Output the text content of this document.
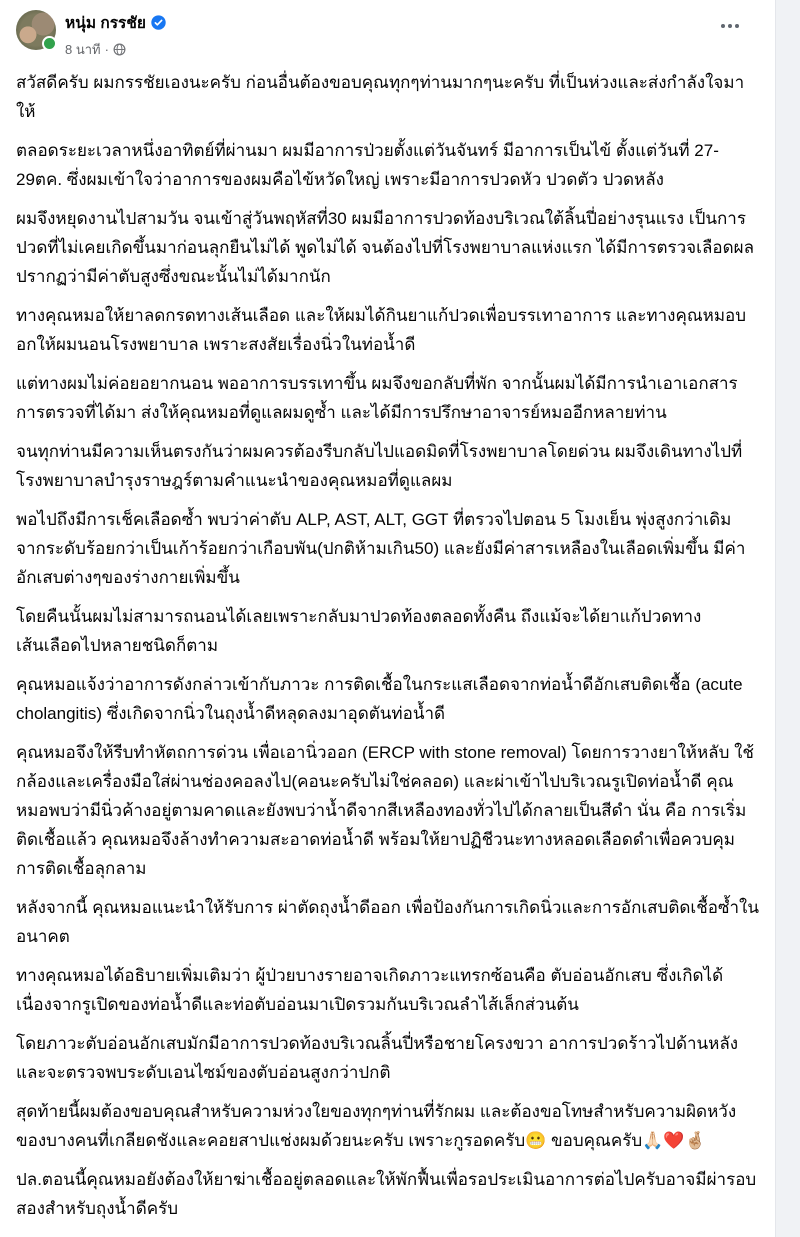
หนุ่ม กรรชัย
8 นาที ·

สวัสดีครับ ผมกรรชัยเองนะครับ ก่อนอื่นต้องขอบคุณทุกๆท่านมากๆนะครับ ที่เป็นห่วงและส่งกำลังใจมาให้

ตลอดระยะเวลาหนึ่งอาทิตย์ที่ผ่านมา ผมมีอาการป่วยตั้งแต่วันจันทร์ มีอาการเป็นไข้ ตั้งแต่วันที่ 27-29ตค. ซึ่งผมเข้าใจว่าอาการของผมคือไข้หวัดใหญ่ เพราะมีอาการปวดหัว ปวดตัว ปวดหลัง

ผมจึงหยุดงานไปสามวัน จนเข้าสู่วันพฤหัสที่30 ผมมีอาการปวดท้องบริเวณใต้ลิ้นปี่อย่างรุนแรง เป็นการปวดที่ไม่เคยเกิดขึ้นมาก่อนลุกยืนไม่ได้ พูดไม่ได้ จนต้องไปที่โรงพยาบาลแห่งแรก ได้มีการตรวจเลือดผลปรากฏว่ามีค่าตับสูงซึ่งขณะนั้นไม่ได้มากนัก

ทางคุณหมอให้ยาลดกรดทางเส้นเลือด และให้ผมได้กินยาแก้ปวดเพื่อบรรเทาอาการ และทางคุณหมอบอกให้ผมนอนโรงพยาบาล เพราะสงสัยเรื่องนิ่วในท่อน้ำดี

แต่ทางผมไม่ค่อยอยากนอน พออาการบรรเทาขึ้น ผมจึงขอกลับที่พัก จากนั้นผมได้มีการนำเอาเอกสารการตรวจที่ได้มา ส่งให้คุณหมอที่ดูแลผมดูซ้ำ และได้มีการปรึกษาอาจารย์หมออีกหลายท่าน

จนทุกท่านมีความเห็นตรงกันว่าผมควรต้องรีบกลับไปแอดมิดที่โรงพยาบาลโดยด่วน ผมจึงเดินทางไปที่โรงพยาบาลบำรุงราษฎร์ตามคำแนะนำของคุณหมอที่ดูแลผม

พอไปถึงมีการเช็คเลือดซ้ำ พบว่าค่าตับ ALP, AST, ALT, GGT ที่ตรวจไปตอน 5 โมงเย็น พุ่งสูงกว่าเดิมจากระดับร้อยกว่าเป็นเก้าร้อยกว่าเกือบพัน(ปกติห้ามเกิน50) และยังมีค่าสารเหลืองในเลือดเพิ่มขึ้น มีค่าอักเสบต่างๆของร่างกายเพิ่มขึ้น

โดยคืนนั้นผมไม่สามารถนอนได้เลยเพราะกลับมาปวดท้องตลอดทั้งคืน ถึงแม้จะได้ยาแก้ปวดทางเส้นเลือดไปหลายชนิดก็ตาม

คุณหมอแจ้งว่าอาการดังกล่าวเข้ากับภาวะ การติดเชื้อในกระแสเลือดจากท่อน้ำดีอักเสบติดเชื้อ (acute cholangitis) ซึ่งเกิดจากนิ่วในถุงน้ำดีหลุดลงมาอุดตันท่อน้ำดี

คุณหมอจึงให้รีบทำหัตถการด่วน เพื่อเอานิ่วออก (ERCP with stone removal) โดยการวางยาให้หลับ ใช้กล้องและเครื่องมือใส่ผ่านช่องคอลงไป(คอนะครับไม่ใช่คลอด) และผ่าเข้าไปบริเวณรูเปิดท่อน้ำดี คุณหมอพบว่ามีนิ่วค้างอยู่ตามคาดและยังพบว่าน้ำดีจากสีเหลืองทองทั่วไปได้กลายเป็นสีดำ นั่น คือ การเริ่มติดเชื้อแล้ว คุณหมอจึงล้างทำความสะอาดท่อน้ำดี พร้อมให้ยาปฏิชีวนะทางหลอดเลือดดำเพื่อควบคุมการติดเชื้อลุกลาม

หลังจากนี้ คุณหมอแนะนำให้รับการ ผ่าตัดถุงน้ำดีออก เพื่อป้องกันการเกิดนิ่วและการอักเสบติดเชื้อซ้ำในอนาคต

ทางคุณหมอได้อธิบายเพิ่มเติมว่า ผู้ป่วยบางรายอาจเกิดภาวะแทรกซ้อนคือ ตับอ่อนอักเสบ ซึ่งเกิดได้เนื่องจากรูเปิดของท่อน้ำดีและท่อตับอ่อนมาเปิดรวมกันบริเวณลำไส้เล็กส่วนต้น

โดยภาวะตับอ่อนอักเสบมักมีอาการปวดท้องบริเวณลิ้นปี่หรือชายโครงขวา อาการปวดร้าวไปด้านหลัง และจะตรวจพบระดับเอนไซม์ของตับอ่อนสูงกว่าปกติ

สุดท้ายนี้ผมต้องขอบคุณสำหรับความห่วงใยของทุกๆท่านที่รักผม และต้องขอโทษสำหรับความผิดหวังของบางคนที่เกลียดชังและคอยสาปแช่งผมด้วยนะครับ เพราะกูรอดครับ😬 ขอบคุณครับ🙏🏻❤️🤞🏼

ปล.ตอนนี้คุณหมอยังต้องให้ยาฆ่าเชื้ออยู่ตลอดและให้พักฟื้นเพื่อรอประเมินอาการต่อไปครับอาจมีผ่ารอบสองสำหรับถุงน้ำดีครับ
